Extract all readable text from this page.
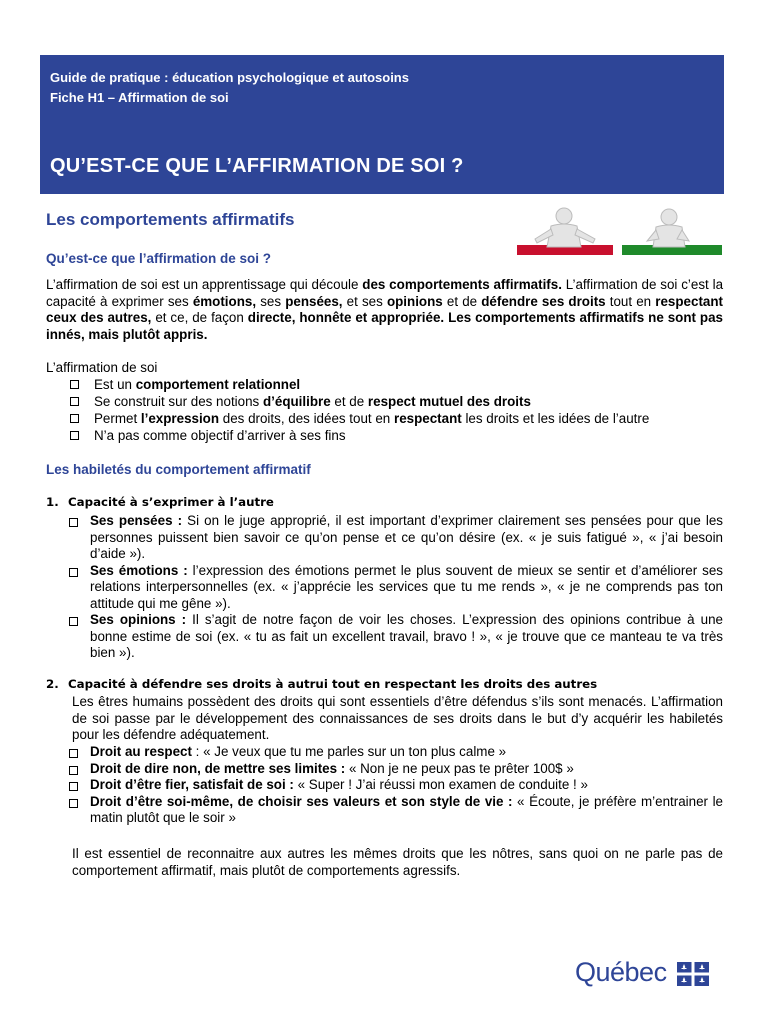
Guide de pratique : éducation psychologique et autosoins
Fiche H1 – Affirmation de soi
QU’EST-CE QUE L’AFFIRMATION DE SOI ?
Les comportements affirmatifs
Qu’est-ce que l’affirmation de soi ?
L’affirmation de soi est un apprentissage qui découle des comportements affirmatifs. L’affirmation de soi c’est la capacité à exprimer ses émotions, ses pensées, et ses opinions et de défendre ses droits tout en respectant ceux des autres, et ce, de façon directe, honnête et appropriée. Les comportements affirmatifs ne sont pas innés, mais plutôt appris.
L’affirmation de soi
Est un comportement relationnel
Se construit sur des notions d’équilibre et de respect mutuel des droits
Permet l’expression des droits, des idées tout en respectant les droits et les idées de l’autre
N’a pas comme objectif d’arriver à ses fins
Les habiletés du comportement affirmatif
1. Capacité à s’exprimer à l’autre
Ses pensées : Si on le juge approprié, il est important d’exprimer clairement ses pensées pour que les personnes puissent bien savoir ce qu’on pense et ce qu’on désire (ex. « je suis fatigué », « j’ai besoin d’aide »).
Ses émotions : l’expression des émotions permet le plus souvent de mieux se sentir et d’améliorer ses relations interpersonnelles (ex. « j’apprécie les services que tu me rends », « je ne comprends pas ton attitude qui me gêne »).
Ses opinions : Il s’agit de notre façon de voir les choses. L’expression des opinions contribue à une bonne estime de soi (ex. « tu as fait un excellent travail, bravo ! », « je trouve que ce manteau te va très bien »).
2. Capacité à défendre ses droits à autrui tout en respectant les droits des autres
Les êtres humains possèdent des droits qui sont essentiels d’être défendus s’ils sont menacés. L’affirmation de soi passe par le développement des connaissances de ses droits dans le but d’y acquérir les habiletés pour les défendre adéquatement.
Droit au respect : « Je veux que tu me parles sur un ton plus calme »
Droit de dire non, de mettre ses limites : « Non je ne peux pas te prêter 100$ »
Droit d’être fier, satisfait de soi : « Super ! J’ai réussi mon examen de conduite ! »
Droit d’être soi-même, de choisir ses valeurs et son style de vie : « Écoute, je préfère m’entrainer le matin plutôt que le soir »
Il est essentiel de reconnaitre aux autres les mêmes droits que les nôtres, sans quoi on ne parle pas de comportement affirmatif, mais plutôt de comportements agressifs.
Québec
